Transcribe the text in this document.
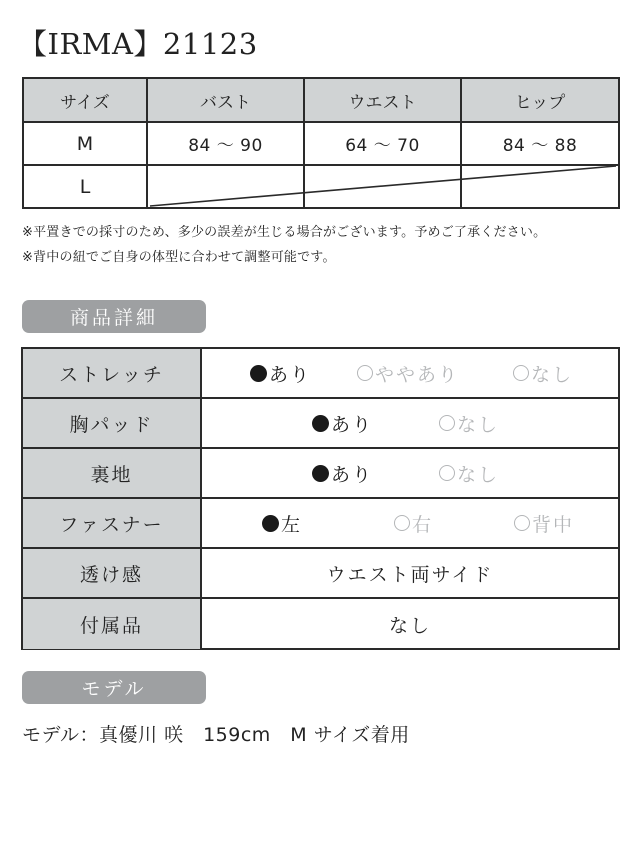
【IRMA】21123
サイズ	バスト	ウエスト	ヒップ
M	84 ～ 90	64 ～ 70	84 ～ 88
L			
※平置きでの採寸のため、多少の誤差が生じる場合がございます。予めご了承ください。
※背中の紐でご自身の体型に合わせて調整可能です。
商品詳細
ストレッチ	あり	ややあり	なし
胸パッド	あり	なし
裏地	あり	なし
ファスナー	左	右	背中
透け感	ウエスト両サイド
付属品	なし
モデル
モデル：真優川 咲　159cm　M サイズ着用
